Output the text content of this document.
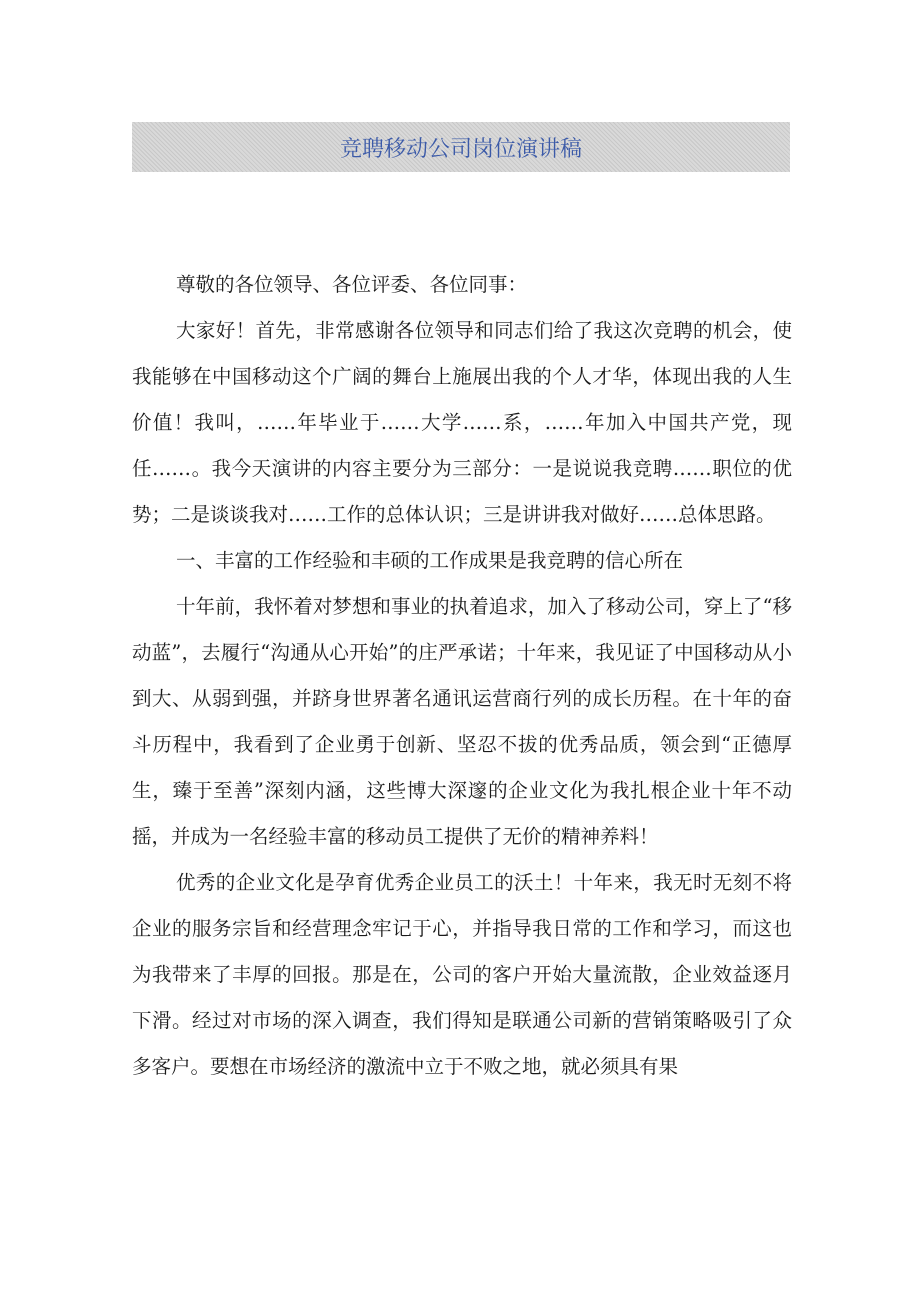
竞聘移动公司岗位演讲稿

尊敬的各位领导、各位评委、各位同事：

大家好！首先，非常感谢各位领导和同志们给了我这次竞聘的机会，使我能够在中国移动这个广阔的舞台上施展出我的个人才华，体现出我的人生价值！我叫，……年毕业于……大学……系，……年加入中国共产党，现任……。我今天演讲的内容主要分为三部分：一是说说我竞聘……职位的优势；二是谈谈我对……工作的总体认识；三是讲讲我对做好……总体思路。

一、丰富的工作经验和丰硕的工作成果是我竞聘的信心所在

十年前，我怀着对梦想和事业的执着追求，加入了移动公司，穿上了“移动蓝”，去履行“沟通从心开始”的庄严承诺；十年来，我见证了中国移动从小到大、从弱到强，并跻身世界著名通讯运营商行列的成长历程。在十年的奋斗历程中，我看到了企业勇于创新、坚忍不拔的优秀品质，领会到“正德厚生，臻于至善”深刻内涵，这些博大深邃的企业文化为我扎根企业十年不动摇，并成为一名经验丰富的移动员工提供了无价的精神养料！

优秀的企业文化是孕育优秀企业员工的沃土！十年来，我无时无刻不将企业的服务宗旨和经营理念牢记于心，并指导我日常的工作和学习，而这也为我带来了丰厚的回报。那是在，公司的客户开始大量流散，企业效益逐月下滑。经过对市场的深入调查，我们得知是联通公司新的营销策略吸引了众多客户。要想在市场经济的激流中立于不败之地，就必须具有果
